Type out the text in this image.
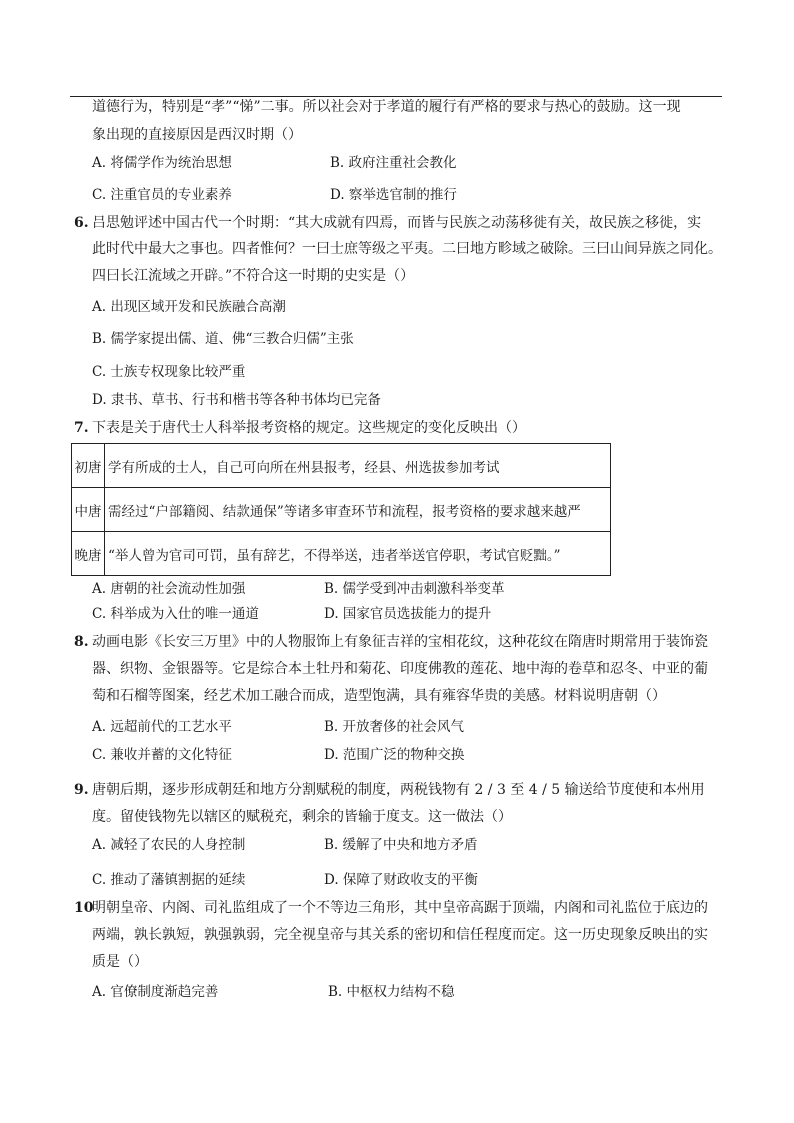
道德行为，特别是“孝”“悌”二事。所以社会对于孝道的履行有严格的要求与热心的鼓励。这一现
象出现的直接原因是西汉时期（）
A. 将儒学作为统治思想	B. 政府注重社会教化
C. 注重官员的专业素养	D. 察举选官制的推行
6. 吕思勉评述中国古代一个时期：“其大成就有四焉，而皆与民族之动荡移徙有关，故民族之移徙，实
此时代中最大之事也。四者惟何？一曰士庶等级之平夷。二曰地方畛域之破除。三曰山间异族之同化。
四曰长江流域之开辟。”不符合这一时期的史实是（）
A. 出现区域开发和民族融合高潮
B. 儒学家提出儒、道、佛“三教合归儒”主张
C. 士族专权现象比较严重
D. 隶书、草书、行书和楷书等各种书体均已完备
7. 下表是关于唐代士人科举报考资格的规定。这些规定的变化反映出（）
初唐	学有所成的士人，自己可向所在州县报考，经县、州选拔参加考试
中唐	需经过“户部籍阅、结款通保”等诸多审查环节和流程，报考资格的要求越来越严
晚唐	“举人曾为官司可罚，虽有辞艺，不得举送，违者举送官停职，考试官贬黜。”
A. 唐朝的社会流动性加强	B. 儒学受到冲击刺激科举变革
C. 科举成为入仕的唯一通道	D. 国家官员选拔能力的提升
8. 动画电影《长安三万里》中的人物服饰上有象征吉祥的宝相花纹，这种花纹在隋唐时期常用于装饰瓷
器、织物、金银器等。它是综合本土牡丹和菊花、印度佛教的莲花、地中海的卷草和忍冬、中亚的葡
萄和石榴等图案，经艺术加工融合而成，造型饱满，具有雍容华贵的美感。材料说明唐朝（）
A. 远超前代的工艺水平	B. 开放奢侈的社会风气
C. 兼收并蓄的文化特征	D. 范围广泛的物种交换
9. 唐朝后期，逐步形成朝廷和地方分割赋税的制度，两税钱物有 2 / 3 至 4 / 5 输送给节度使和本州用
度。留使钱物先以辖区的赋税充，剩余的皆输于度支。这一做法（）
A. 减轻了农民的人身控制	B. 缓解了中央和地方矛盾
C. 推动了藩镇割据的延续	D. 保障了财政收支的平衡
10
明朝皇帝、内阁、司礼监组成了一个不等边三角形，其中皇帝高踞于顶端，内阁和司礼监位于底边的
两端，孰长孰短，孰强孰弱，完全视皇帝与其关系的密切和信任程度而定。这一历史现象反映出的实
质是（）
A. 官僚制度渐趋完善	B. 中枢权力结构不稳
